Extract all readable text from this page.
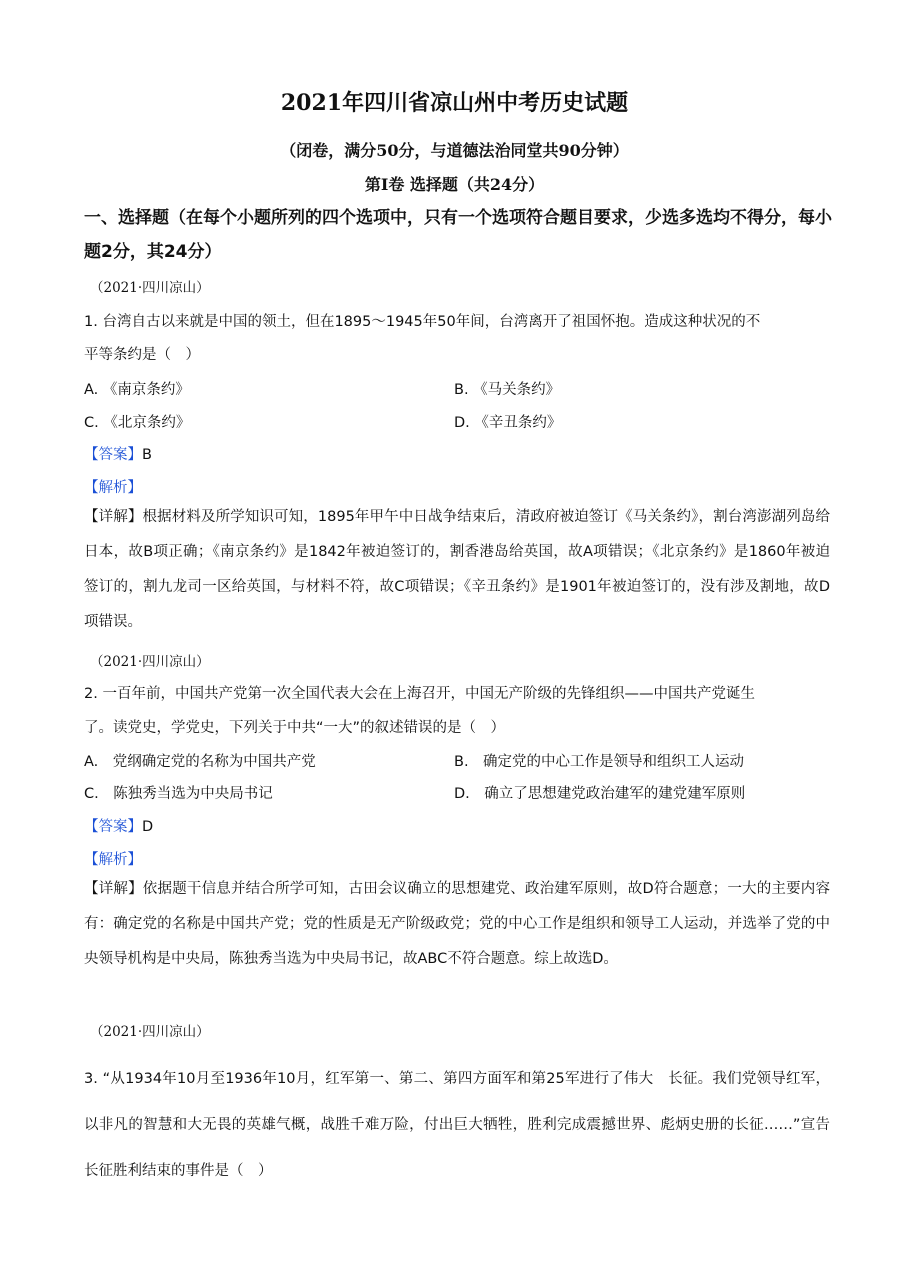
2021年四川省凉山州中考历史试题
（闭卷，满分50分，与道德法治同堂共90分钟）
第Ⅰ卷 选择题（共24分）
一、选择题（在每个小题所列的四个选项中，只有一个选项符合题目要求，少选多选均不得分，每小题2分，其24分）
（2021·四川凉山）
1. 台湾自古以来就是中国的领土，但在1895～1945年50年间，台湾离开了祖国怀抱。造成这种状况的不
平等条约是（　）
A. 《南京条约》	B. 《马关条约》
C. 《北京条约》	D. 《辛丑条约》
【答案】B
【解析】
【详解】根据材料及所学知识可知，1895年甲午中日战争结束后，清政府被迫签订《马关条约》，割台湾澎湖列岛给日本，故B项正确；《南京条约》是1842年被迫签订的，割香港岛给英国，故A项错误；《北京条约》是1860年被迫签订的，割九龙司一区给英国，与材料不符，故C项错误；《辛丑条约》是1901年被迫签订的，没有涉及割地，故D项错误。
（2021·四川凉山）
2. 一百年前，中国共产党第一次全国代表大会在上海召开，中国无产阶级的先锋组织——中国共产党诞生
了。读党史，学党史，下列关于中共“一大”的叙述错误的是（　）
A.　党纲确定党的名称为中国共产党	B.　确定党的中心工作是领导和组织工人运动
C.　陈独秀当选为中央局书记	D.　确立了思想建党政治建军的建党建军原则
【答案】D
【解析】
【详解】依据题干信息并结合所学可知，古田会议确立的思想建党、政治建军原则，故D符合题意；一大的主要内容有：确定党的名称是中国共产党；党的性质是无产阶级政党；党的中心工作是组织和领导工人运动，并选举了党的中央领导机构是中央局，陈独秀当选为中央局书记，故ABC不符合题意。综上故选D。
（2021·四川凉山）
3. “从1934年10月至1936年10月，红军第一、第二、第四方面军和第25军进行了伟大　长征。我们党领导红军，以非凡的智慧和大无畏的英雄气概，战胜千难万险，付出巨大牺牲，胜利完成震撼世界、彪炳史册的长征……”宣告长征胜利结束的事件是（　）
